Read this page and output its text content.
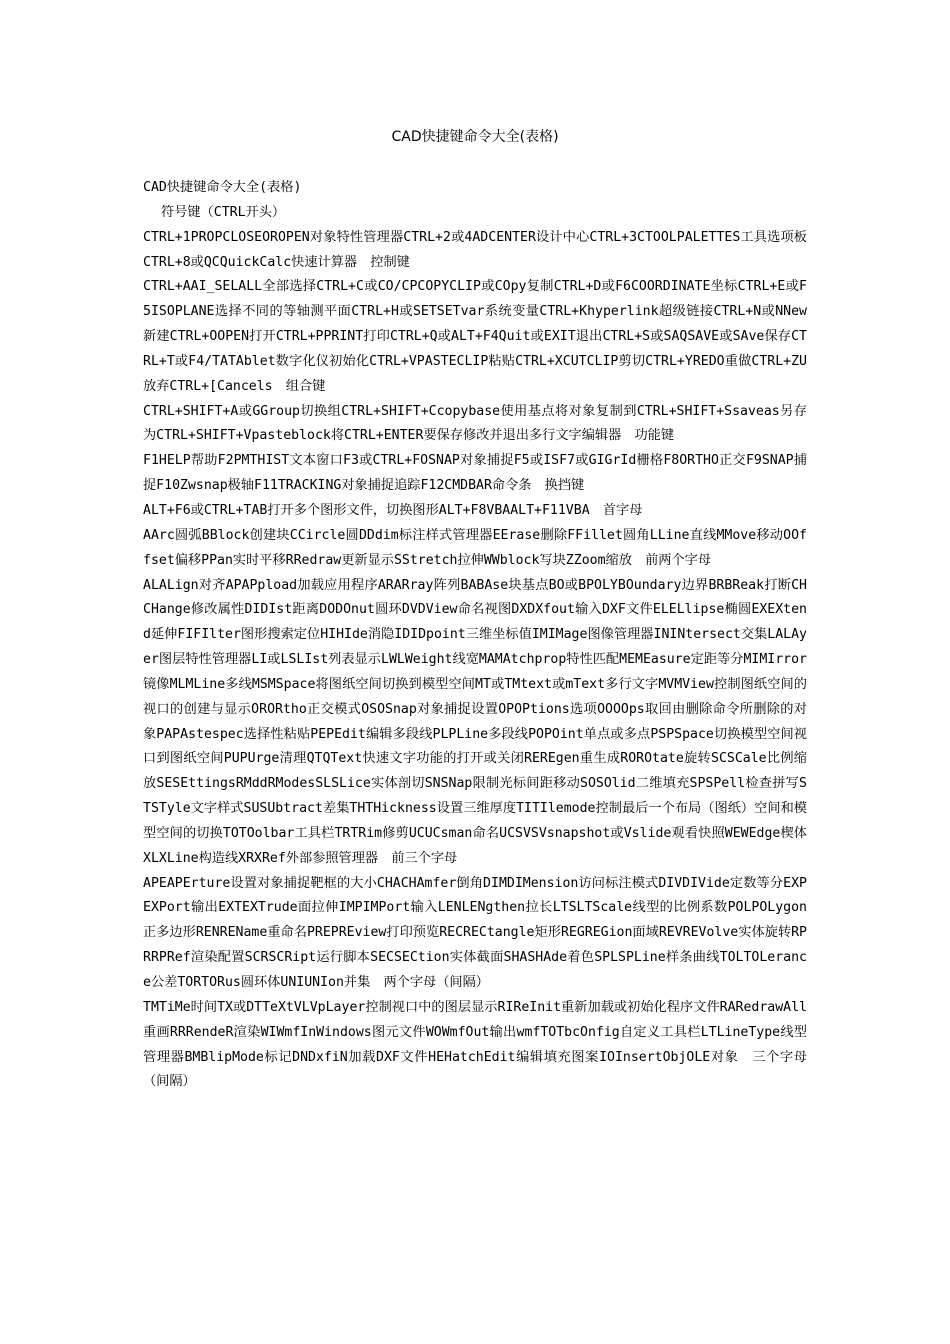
CAD快捷键命令大全(表格)

CAD快捷键命令大全(表格)

符号键（CTRL开头）

CTRL+1PROPCLOSEOROPEN对象特性管理器CTRL+2或4ADCENTER设计中心CTRL+3CTOOLPALETTES工具选项板CTRL+8或QCQuickCalc快速计算器　控制键

CTRL+AAI_SELALL全部选择CTRL+C或CO/CPCOPYCLIP或COpy复制CTRL+D或F6COORDINATE坐标CTRL+E或F5ISOPLANE选择不同的等轴测平面CTRL+H或SETSETvar系统变量CTRL+Khyperlink超级链接CTRL+N或NNew新建CTRL+OOPEN打开CTRL+PPRINT打印CTRL+Q或ALT+F4Quit或EXIT退出CTRL+S或SAQSAVE或SAve保存CTRL+T或F4/TATAblet数字化仪初始化CTRL+VPASTECLIP粘贴CTRL+XCUTCLIP剪切CTRL+YREDO重做CTRL+ZU放弃CTRL+[Cancels　组合键

CTRL+SHIFT+A或GGroup切换组CTRL+SHIFT+Ccopybase使用基点将对象复制到CTRL+SHIFT+Ssaveas另存为CTRL+SHIFT+Vpasteblock将CTRL+ENTER要保存修改并退出多行文字编辑器　功能键

F1HELP帮助F2PMTHIST文本窗口F3或CTRL+FOSNAP对象捕捉F5或ISF7或GIGrId栅格F8ORTHO正交F9SNAP捕捉F10Zwsnap极轴F11TRACKING对象捕捉追踪F12CMDBAR命令条　换挡键

ALT+F6或CTRL+TAB打开多个图形文件，切换图形ALT+F8VBAALT+F11VBA　首字母

AArc圆弧BBlock创建块CCircle圆DDdim标注样式管理器EErase删除FFillet圆角LLine直线MMove移动OOffset偏移PPan实时平移RRedraw更新显示SStretch拉伸WWblock写块ZZoom缩放　前两个字母

ALALign对齐APAPpload加载应用程序ARARray阵列BABAse块基点BO或BPOLYBOundary边界BRBReak打断CHCHange修改属性DIDIst距离DODOnut圆环DVDView命名视图DXDXfout输入DXF文件ELELlipse椭圆EXEXtend延伸FIFIlter图形搜索定位HIHIde消隐IDIDpoint三维坐标值IMIMage图像管理器ININtersect交集LALAyer图层特性管理器LI或LSLIst列表显示LWLWeight线宽MAMAtchprop特性匹配MEMEasure定距等分MIMIrror镜像MLMLine多线MSMSpace将图纸空间切换到模型空间MT或TMtext或mText多行文字MVMView控制图纸空间的视口的创建与显示ORORtho正交模式OSOSnap对象捕捉设置OPOPtions选项OOOOps取回由删除命令所删除的对象PAPAstespec选择性粘贴PEPEdit编辑多段线PLPLine多段线POPOint单点或多点PSPSpace切换模型空间视口到图纸空间PUPUrge清理QTQText快速文字功能的打开或关闭REREgen重生成ROROtate旋转SCSCale比例缩放SESEttingsRMddRModesSLSLice实体剖切SNSNap限制光标间距移动SOSOlid二维填充SPSPell检查拼写STSTyle文字样式SUSUbtract差集THTHickness设置三维厚度TITIlemode控制最后一个布局（图纸）空间和模型空间的切换TOTOolbar工具栏TRTRim修剪UCUCsman命名UCSVSVsnapshot或Vslide观看快照WEWEdge楔体XLXLine构造线XRXRef外部参照管理器　前三个字母

APEAPErture设置对象捕捉靶框的大小CHACHAmfer倒角DIMDIMension访问标注模式DIVDIVide定数等分EXPEXPort输出EXTEXTrude面拉伸IMPIMPort输入LENLENgthen拉长LTSLTScale线型的比例系数POLPOLygon正多边形RENREName重命名PREPREview打印预览RECRECtangle矩形REGREGion面域REVREVolve实体旋转RPRRPRef渲染配置SCRSCRipt运行脚本SECSECtion实体截面SHASHAde着色SPLSPLine样条曲线TOLTOLerance公差TORTORus圆环体UNIUNIon并集　两个字母（间隔）

TMTiMe时间TX或DTTeXtVLVpLayer控制视口中的图层显示RIReInit重新加载或初始化程序文件RARedrawAll重画RRRendeR渲染WIWmfInWindows图元文件WOWmfOut输出wmfTOTbcOnfig自定义工具栏LTLineType线型管理器BMBlipMode标记DNDxfiN加载DXF文件HEHatchEdit编辑填充图案IOInsertObjOLE对象　三个字母（间隔）
